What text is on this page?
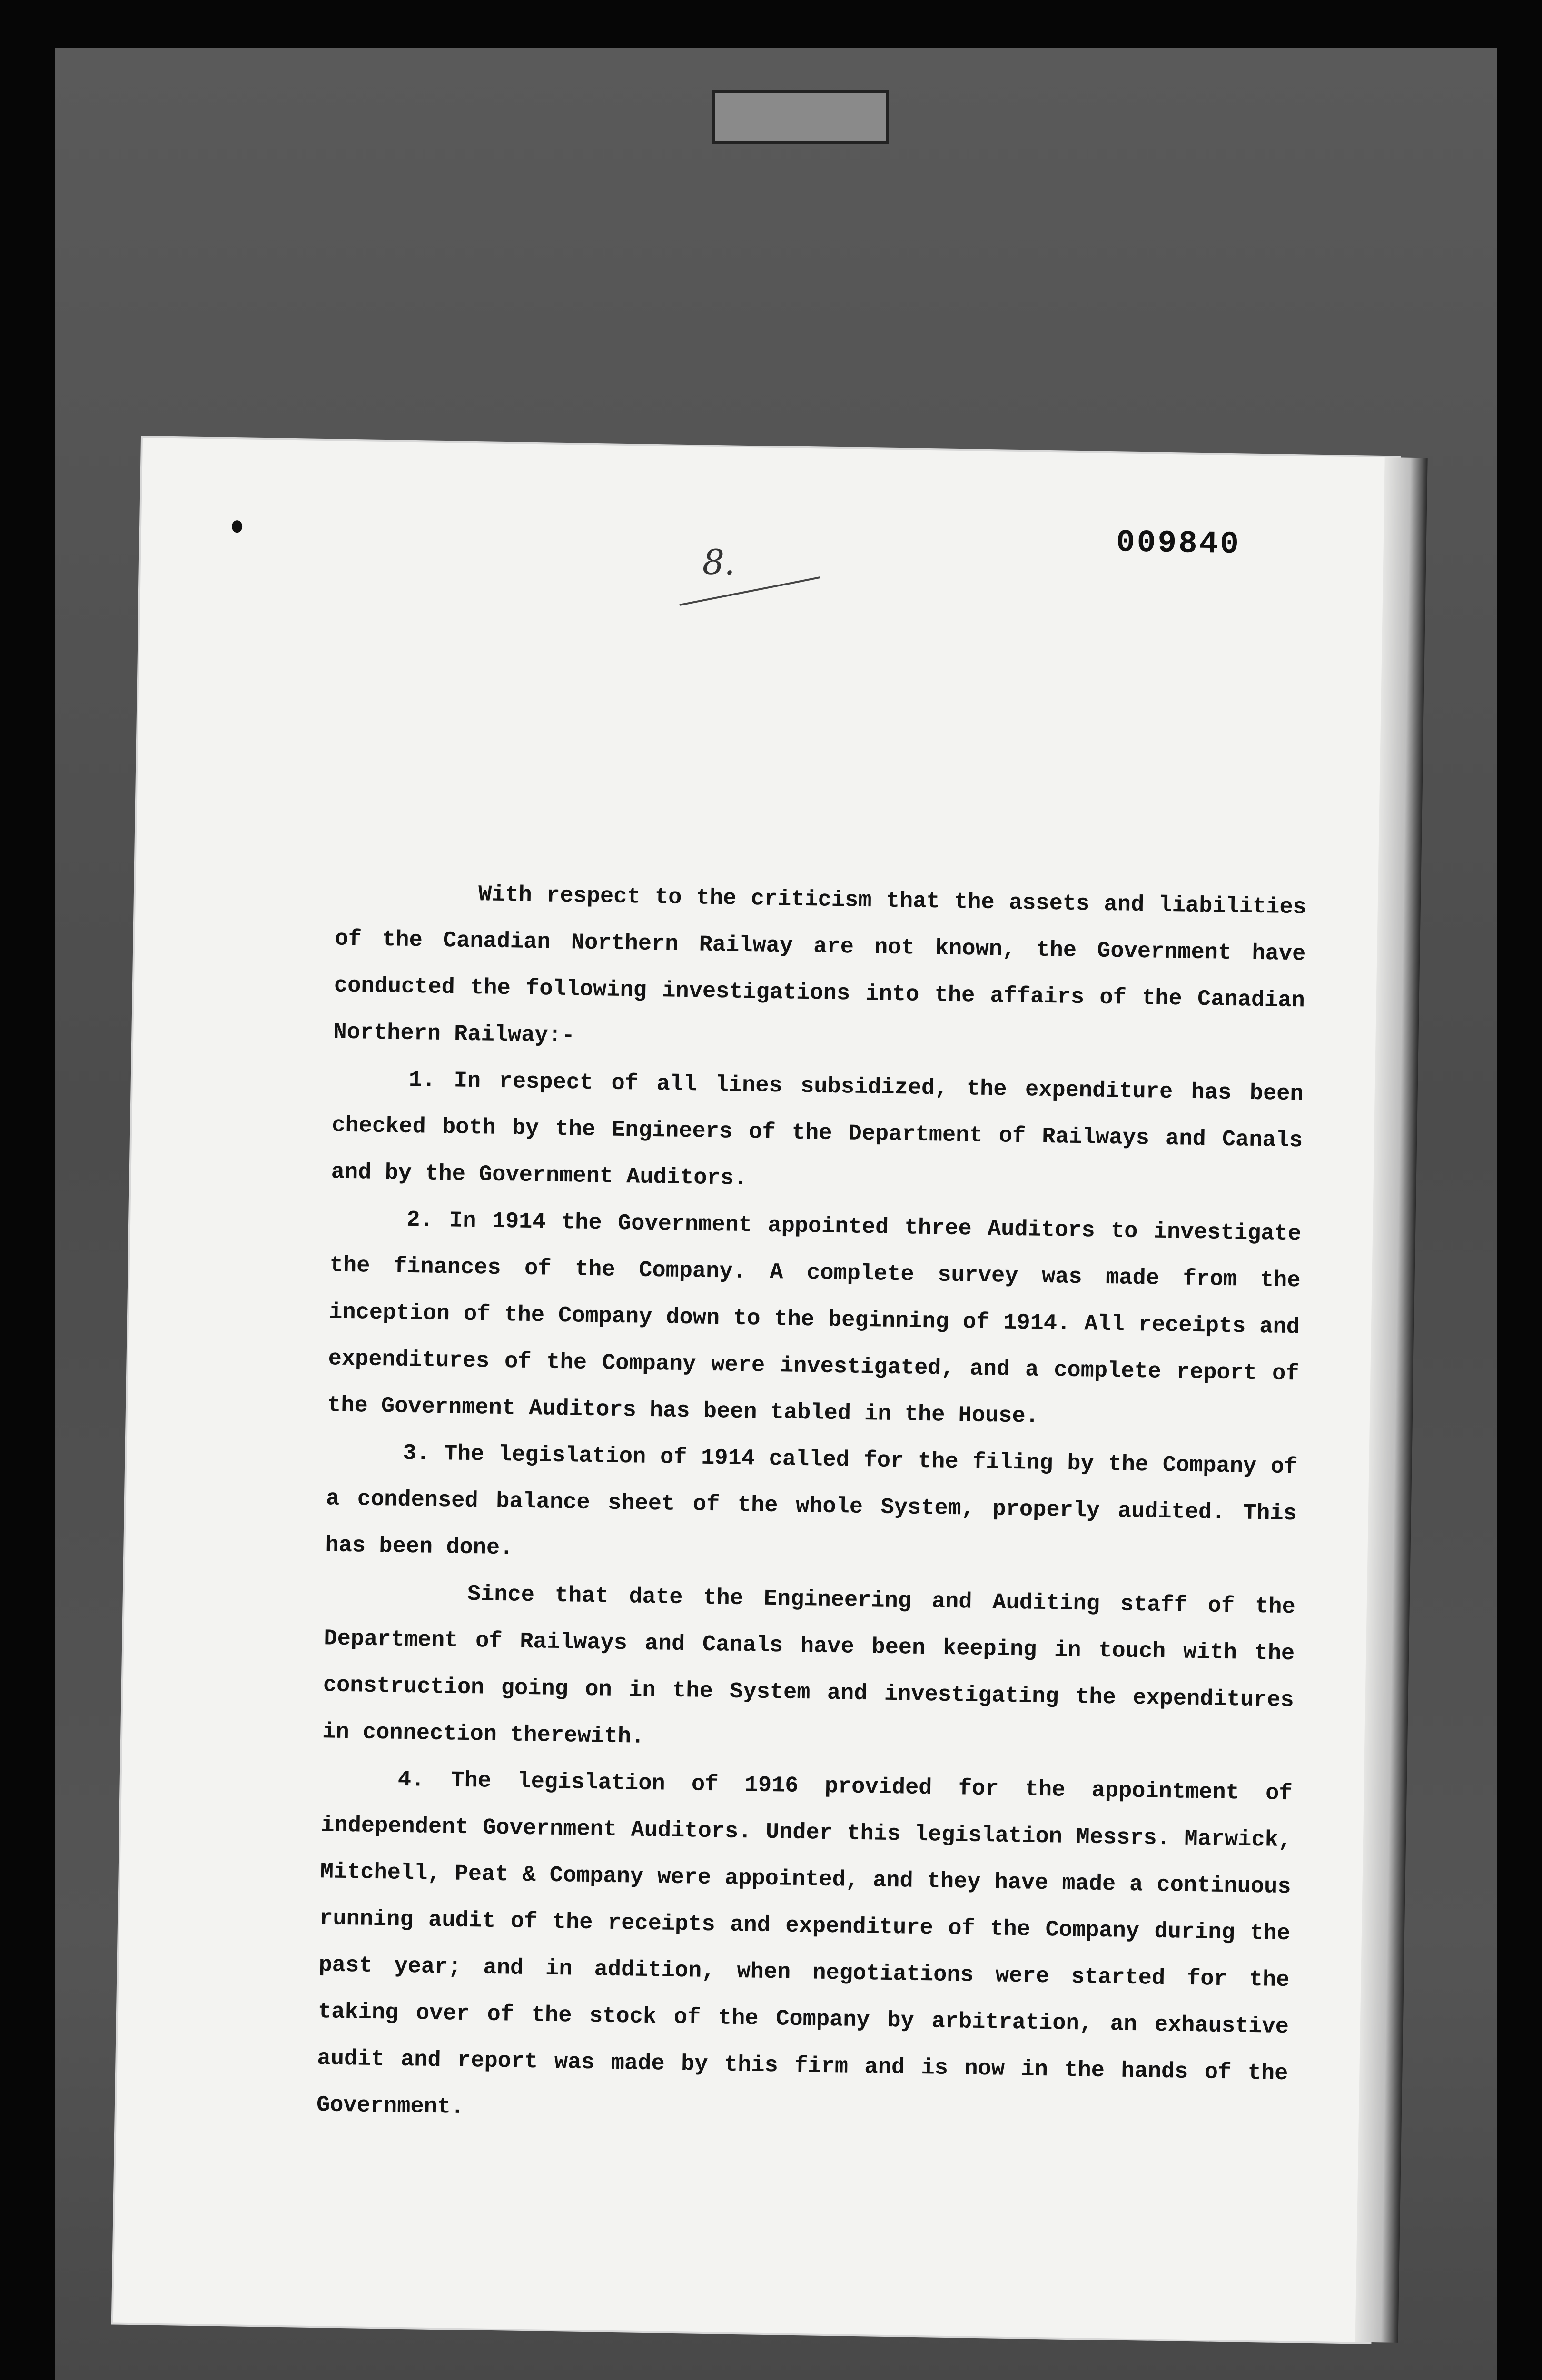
009840
8.

With respect to the criticism that the assets and liabilities of the Canadian Northern Railway are not known, the Government have conducted the following investigations into the affairs of the Canadian Northern Railway:-

1. In respect of all lines subsidized, the expenditure has been checked both by the Engineers of the Department of Railways and Canals and by the Government Auditors.

2. In 1914 the Government appointed three Auditors to investigate the finances of the Company. A complete survey was made from the inception of the Company down to the beginning of 1914. All receipts and expenditures of the Company were investigated, and a complete report of the Government Auditors has been tabled in the House.

3. The legislation of 1914 called for the filing by the Company of a condensed balance sheet of the whole System, properly audited. This has been done.

Since that date the Engineering and Auditing staff of the Department of Railways and Canals have been keeping in touch with the construction going on in the System and investigating the expenditures in connection therewith.

4. The legislation of 1916 provided for the appointment of independent Government Auditors. Under this legislation Messrs. Marwick, Mitchell, Peat & Company were appointed, and they have made a continuous running audit of the receipts and expenditure of the Company during the past year; and in addition, when negotiations were started for the taking over of the stock of the Company by arbitration, an exhaustive audit and report was made by this firm and is now in the hands of the Government.
